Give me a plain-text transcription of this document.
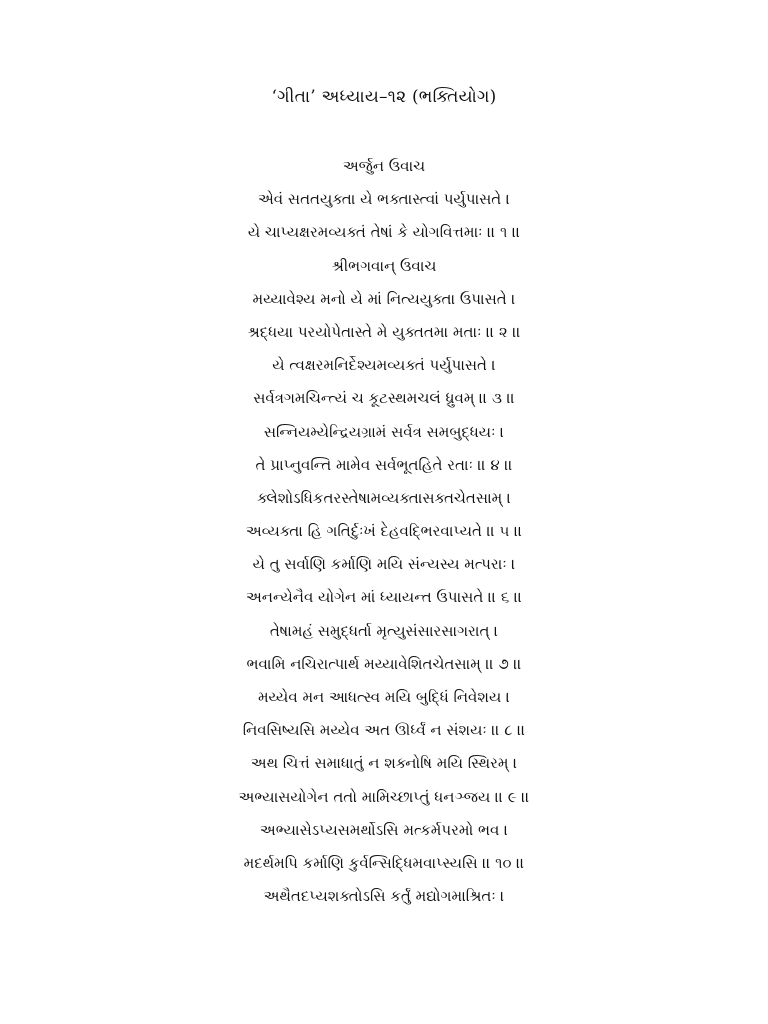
‘ગીતા’ અધ્યાય–૧૨ (ભક્તિયોગ)
અર્જુન ઉવાચ
એવં સતતયુક્તા યે ભક્તાસ્ત્વાં પર્યુપાસતે ।
યે ચાપ્યક્ષરમવ્યક્તં તેષાં કે યોગવિત્તમાઃ ।। ૧ ।।
શ્રીભગવાન્ ઉવાચ
મય્યાવેશ્ય મનો યે માં નિત્યયુક્તા ઉપાસતે ।
શ્રદ્ધયા પરયોપેતાસ્તે મે યુક્તતમા મતાઃ ।। ૨ ।।
યે ત્વક્ષરમનિર્દેશ્યમવ્યક્તં પર્યુપાસતે ।
સર્વત્રગમચિન્ત્યં ચ કૂટસ્થમચલં ધ્રુવમ્ ।। ૩ ।।
સન્નિયમ્યેન્દ્રિયગ્રામં સર્વત્ર સમબુદ્ધયઃ ।
તે પ્રાપ્નુવન્તિ મામેવ સર્વભૂતહિતે રતાઃ ।। ૪ ।।
ક્લેશોઽધિકતરસ્તેષામવ્યક્તાસક્તચેતસામ્ ।
અવ્યક્તા હિ ગતિર્દુઃખં દેહવદ્ભિરવાપ્યતે ।। ૫ ।।
યે તુ સર્વાણિ કર્માણિ મયિ સંન્યસ્ય મત્પરાઃ ।
અનન્યેનૈવ યોગેન માં ધ્યાયન્ત ઉપાસતે ।। ૬ ।।
તેષામહં સમુદ્ધર્તા મૃત્યુસંસારસાગરાત્ ।
ભવામિ નચિરાત્પાર્થ મય્યાવેશિતચેતસામ્ ।। ૭ ।।
મય્યેવ મન આધત્સ્વ મયિ બુદ્ધિં નિવેશય ।
નિવસિષ્યસિ મય્યેવ અત ઊર્ધ્વં ન સંશયઃ ।। ૮ ।।
અથ ચિત્તં સમાધાતું ન શક્નોષિ મયિ સ્થિરમ્ ।
અભ્યાસયોગેન તતો મામિચ્છાપ્તું ધનઞ્જય ।। ૯ ।।
અભ્યાસેઽપ્યસમર્થોઽસિ મત્કર્મપરમો ભવ ।
મદર્થમપિ કર્માણિ કુર્વન્સિદ્ધિમવાપ્સ્યસિ ।। ૧૦ ।।
અથૈતદપ્યશક્તોઽસિ કર્તું મદ્યોગમાશ્રિતઃ ।
